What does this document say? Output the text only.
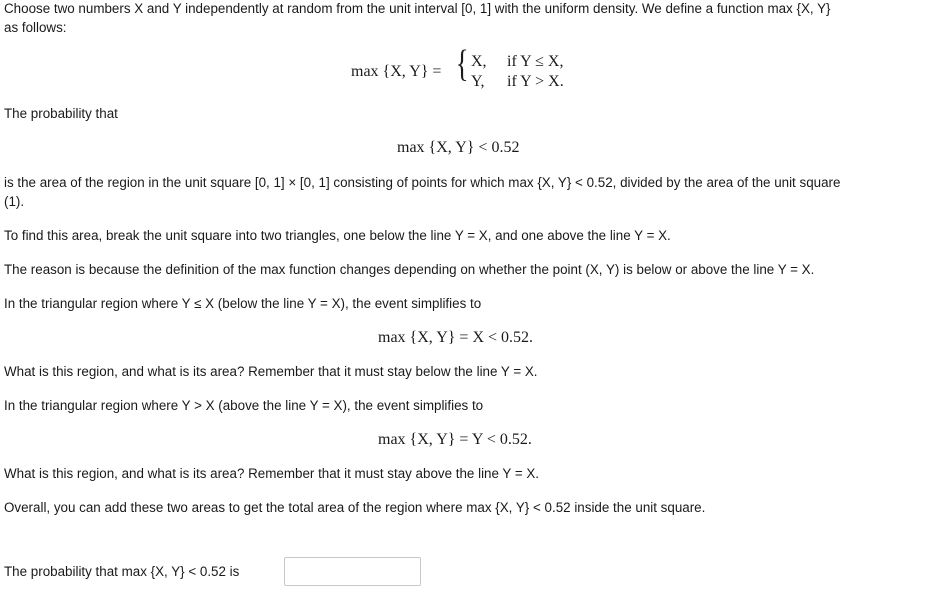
Choose two numbers X and Y independently at random from the unit interval [0, 1] with the uniform density. We define a function max {X, Y}
as follows:
max {X, Y} = { X, if Y ≤ X,
Y, if Y > X.
The probability that
max {X, Y} < 0.52
is the area of the region in the unit square [0, 1] × [0, 1] consisting of points for which max {X, Y} < 0.52, divided by the area of the unit square
(1).
To find this area, break the unit square into two triangles, one below the line Y = X, and one above the line Y = X.
The reason is because the definition of the max function changes depending on whether the point (X, Y) is below or above the line Y = X.
In the triangular region where Y ≤ X (below the line Y = X), the event simplifies to
max {X, Y} = X < 0.52.
What is this region, and what is its area? Remember that it must stay below the line Y = X.
In the triangular region where Y > X (above the line Y = X), the event simplifies to
max {X, Y} = Y < 0.52.
What is this region, and what is its area? Remember that it must stay above the line Y = X.
Overall, you can add these two areas to get the total area of the region where max {X, Y} < 0.52 inside the unit square.
The probability that max {X, Y} < 0.52 is
